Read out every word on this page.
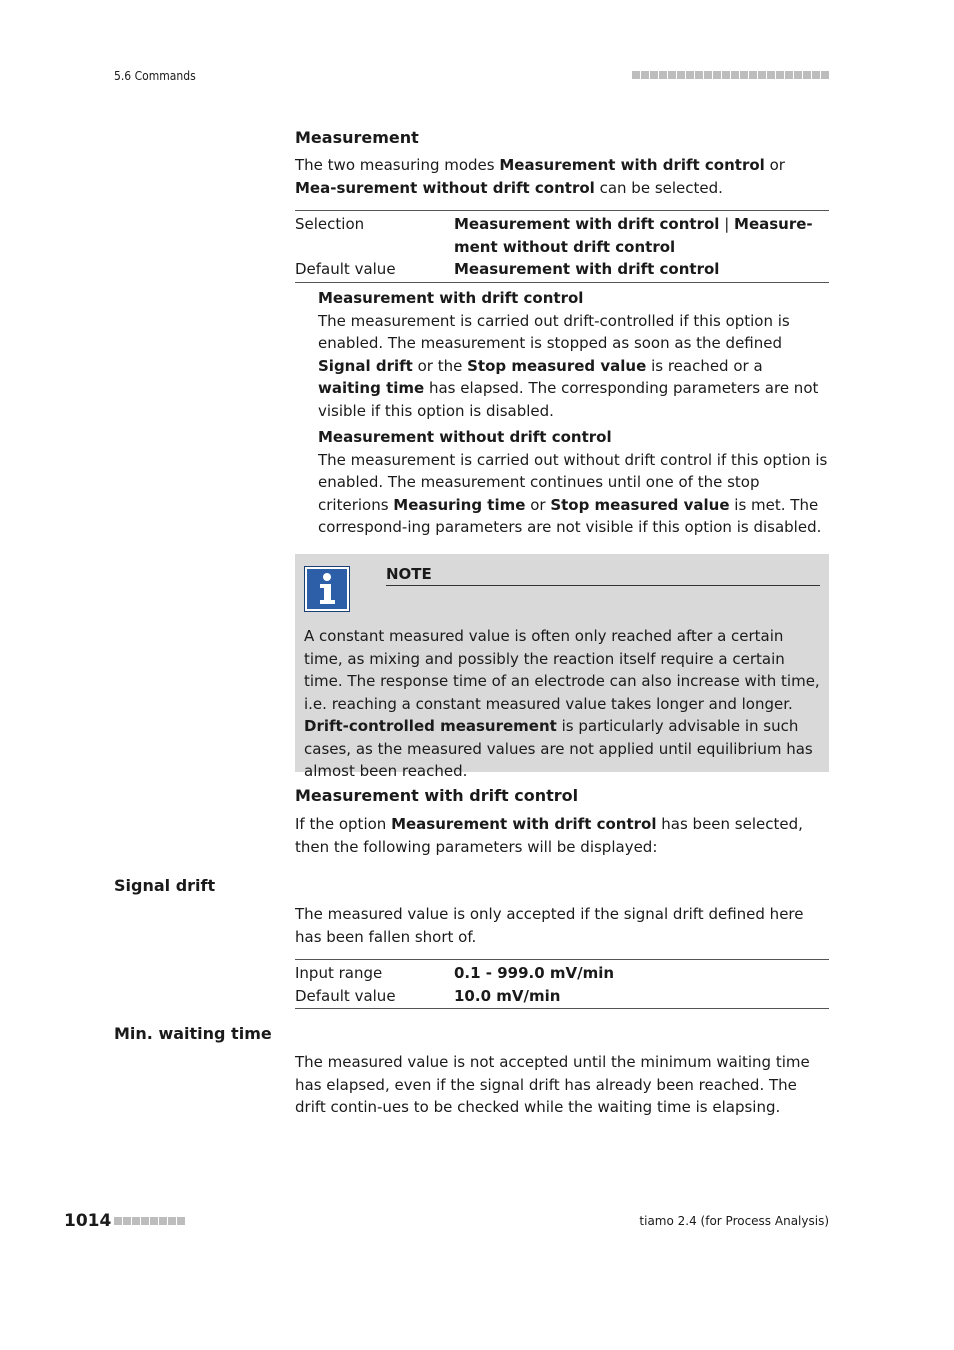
5.6 Commands
Measurement

The two measuring modes Measurement with drift control or Mea-surement without drift control can be selected.

Selection	Measurement with drift control | Measure-ment without drift control
Default value	Measurement with drift control

Measurement with drift control

The measurement is carried out drift-controlled if this option is enabled. The measurement is stopped as soon as the defined Signal drift or the Stop measured value is reached or a waiting time has elapsed. The corresponding parameters are not visible if this option is disabled.

Measurement without drift control

The measurement is carried out without drift control if this option is enabled. The measurement continues until one of the stop criterions Measuring time or Stop measured value is met. The correspond-ing parameters are not visible if this option is disabled.

NOTE

A constant measured value is often only reached after a certain time, as mixing and possibly the reaction itself require a certain time. The response time of an electrode can also increase with time, i.e. reaching a constant measured value takes longer and longer. Drift-controlled measurement is particularly advisable in such cases, as the measured values are not applied until equilibrium has almost been reached.

Measurement with drift control

If the option Measurement with drift control has been selected, then the following parameters will be displayed:

Signal drift

The measured value is only accepted if the signal drift defined here has been fallen short of.

Input range	0.1 - 999.0 mV/min
Default value	10.0 mV/min
Min. waiting time

The measured value is not accepted until the minimum waiting time has elapsed, even if the signal drift has already been reached. The drift contin-ues to be checked while the waiting time is elapsing.

1014	tiamo 2.4 (for Process Analysis)
